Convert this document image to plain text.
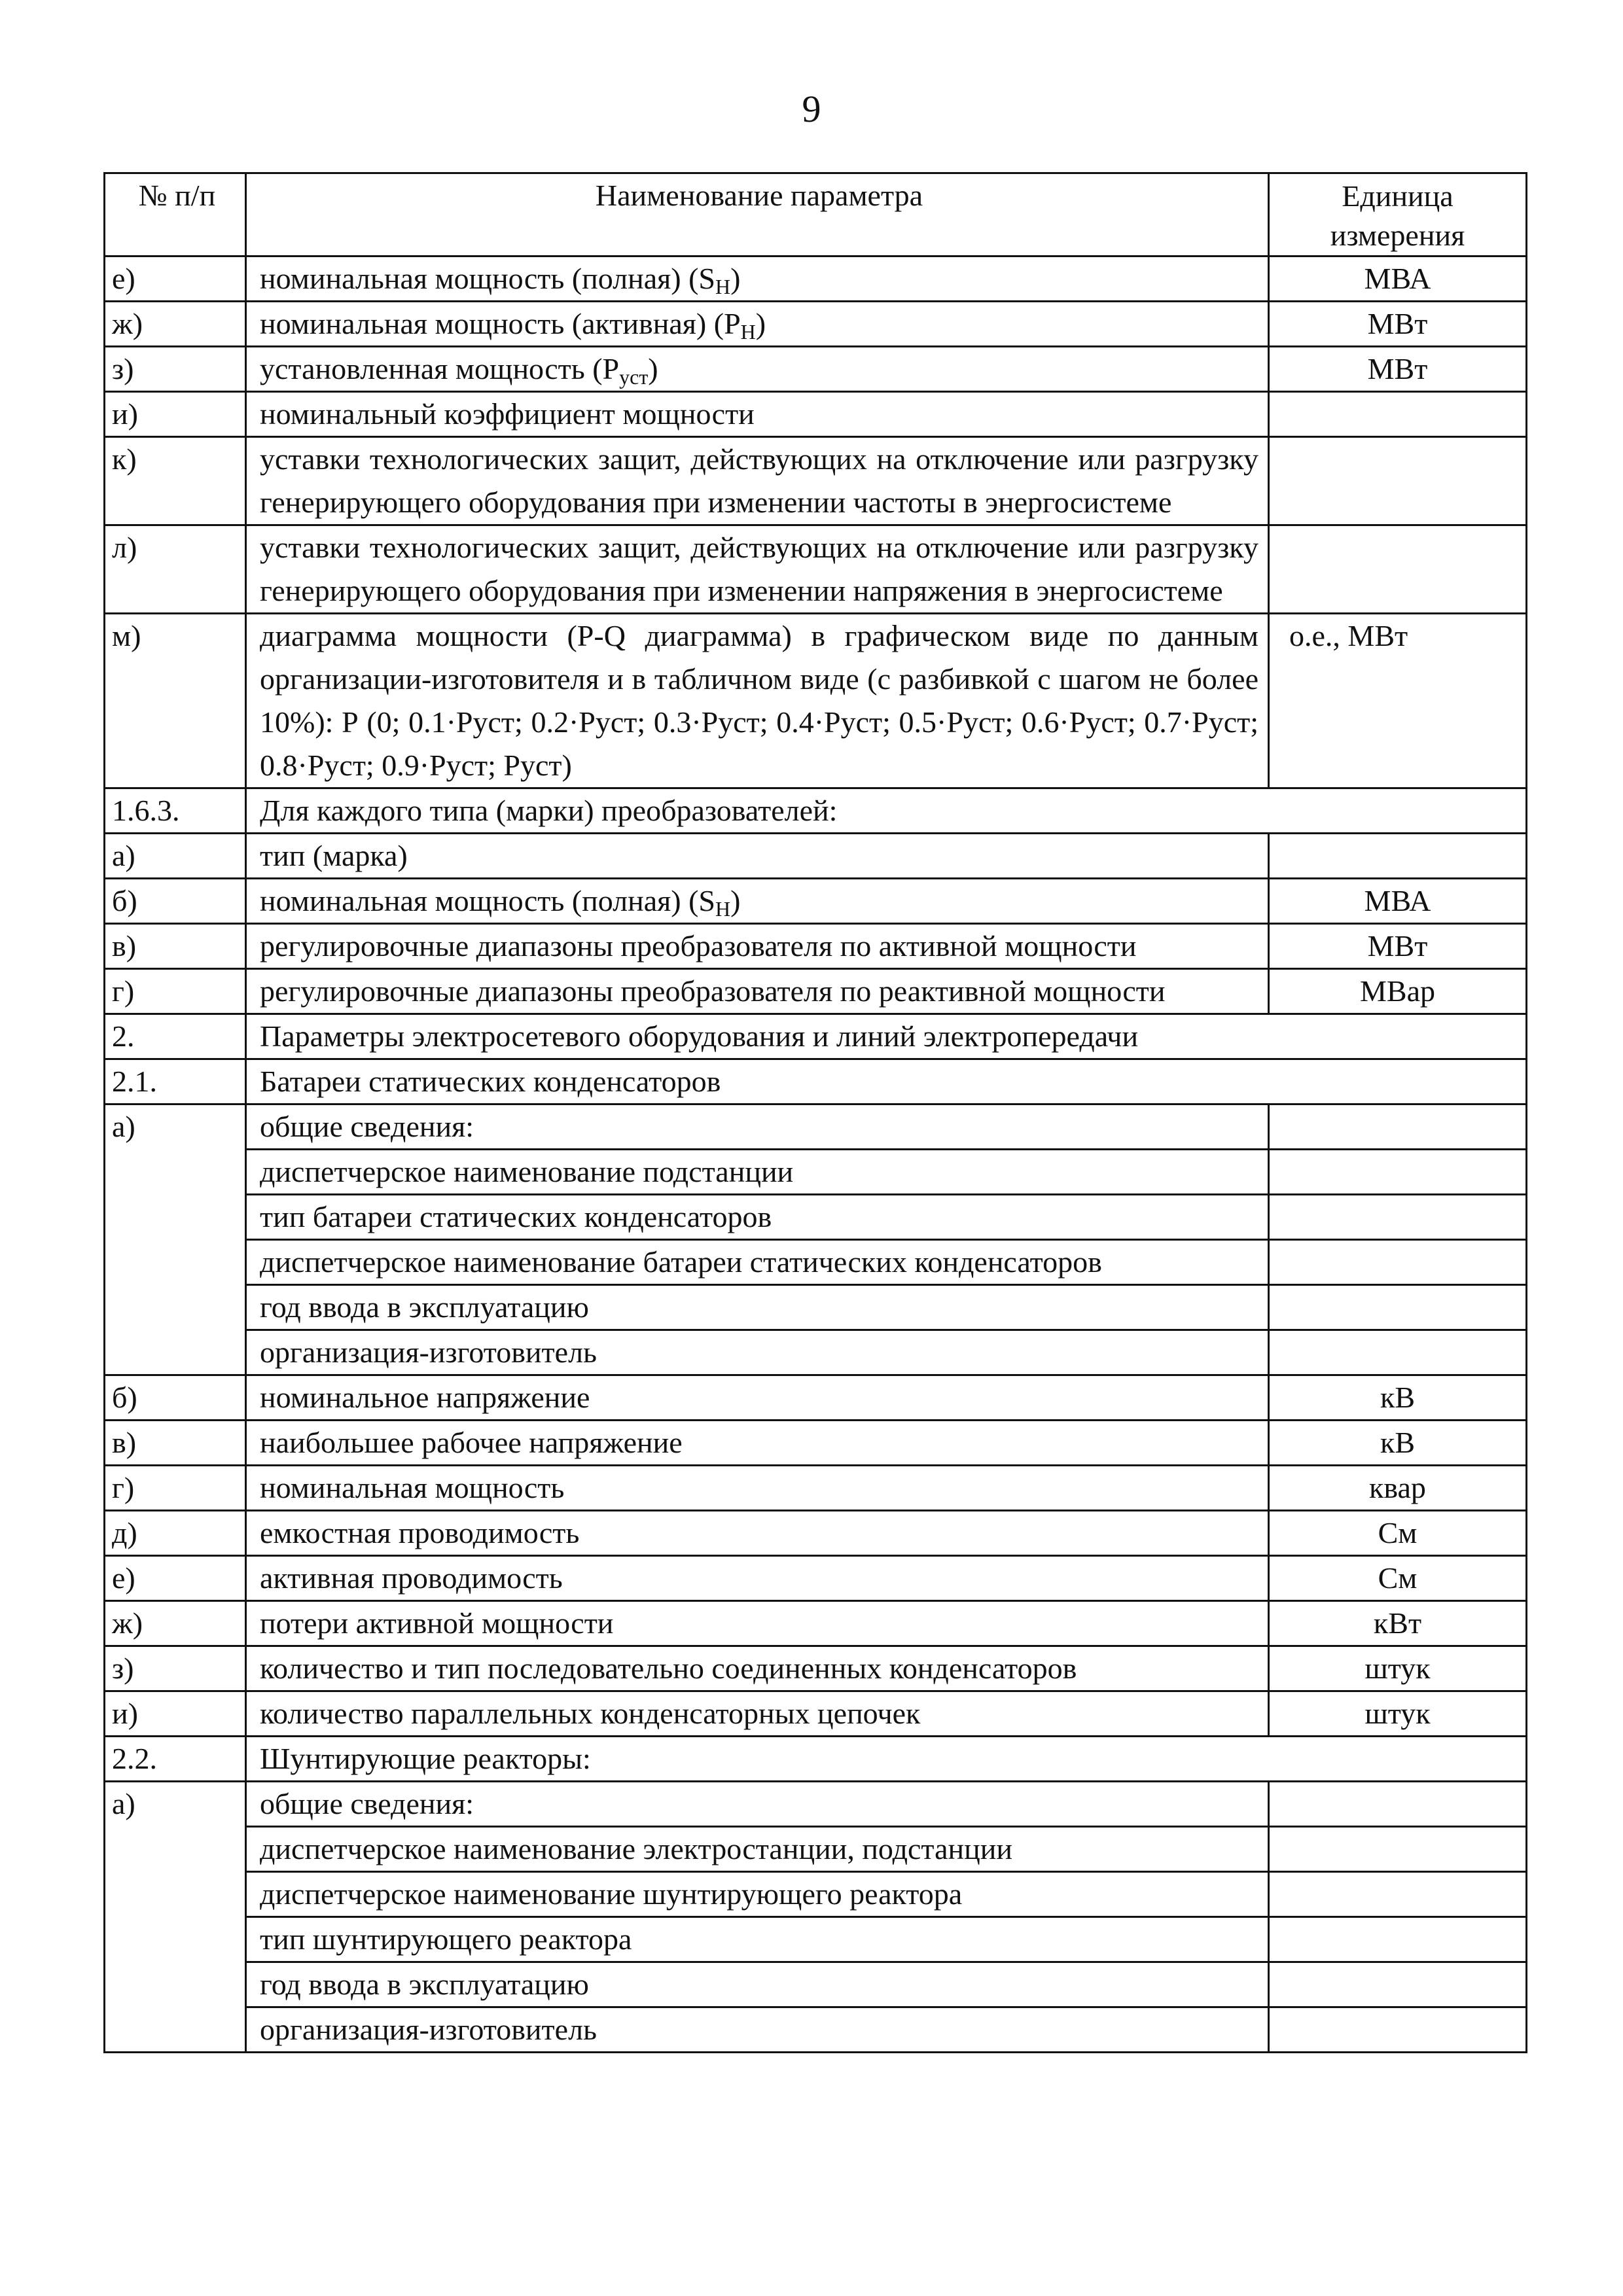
9
№ п/п	Наименование параметра	Единица
измерения
е)	номинальная мощность (полная) $(S_Н)$	МВА
ж)	номинальная мощность (активная) $(P_Н)$	МВт
з)	установленная мощность $(P_{уст})$	МВт
и)	номинальный коэффициент мощности	
к)	уставки технологических защит, действующих на отключение или разгрузку генерирующего оборудования при изменении частоты в энергосистеме	
л)	уставки технологических защит, действующих на отключение или разгрузку генерирующего оборудования при изменении напряжения в энергосистеме	
м)	диаграмма мощности (P-Q диаграмма) в графическом виде по данным организации-изготовителя и в табличном виде (с разбивкой с шагом не более 10%): Р (0; 0.1·Руст; 0.2·Руст; 0.3·Руст; 0.4·Руст; 0.5·Руст; 0.6·Руст; 0.7·Руст; 0.8·Руст; 0.9·Руст; Руст)	о.е., МВт
1.6.3.	Для каждого типа (марки) преобразователей:	
а)	тип (марка)	
б)	номинальная мощность (полная) $(S_Н)$	МВА
в)	регулировочные диапазоны преобразователя по активной мощности	МВт
г)	регулировочные диапазоны преобразователя по реактивной мощности	МВар
2.	Параметры электросетевого оборудования и линий электропередачи	
2.1.	Батареи статических конденсаторов	
а)	общие сведения:	
	диспетчерское наименование подстанции	
	тип батареи статических конденсаторов	
	диспетчерское наименование батареи статических конденсаторов	
	год ввода в эксплуатацию	
	организация-изготовитель	
б)	номинальное напряжение	кВ
в)	наибольшее рабочее напряжение	кВ
г)	номинальная мощность	квар
д)	емкостная проводимость	См
е)	активная проводимость	См
ж)	потери активной мощности	кВт
з)	количество и тип последовательно соединенных конденсаторов	штук
и)	количество параллельных конденсаторных цепочек	штук
2.2.	Шунтирующие реакторы:	
а)	общие сведения:	
	диспетчерское наименование электростанции, подстанции	
	диспетчерское наименование шунтирующего реактора	
	тип шунтирующего реактора	
	год ввода в эксплуатацию	
	организация-изготовитель	
